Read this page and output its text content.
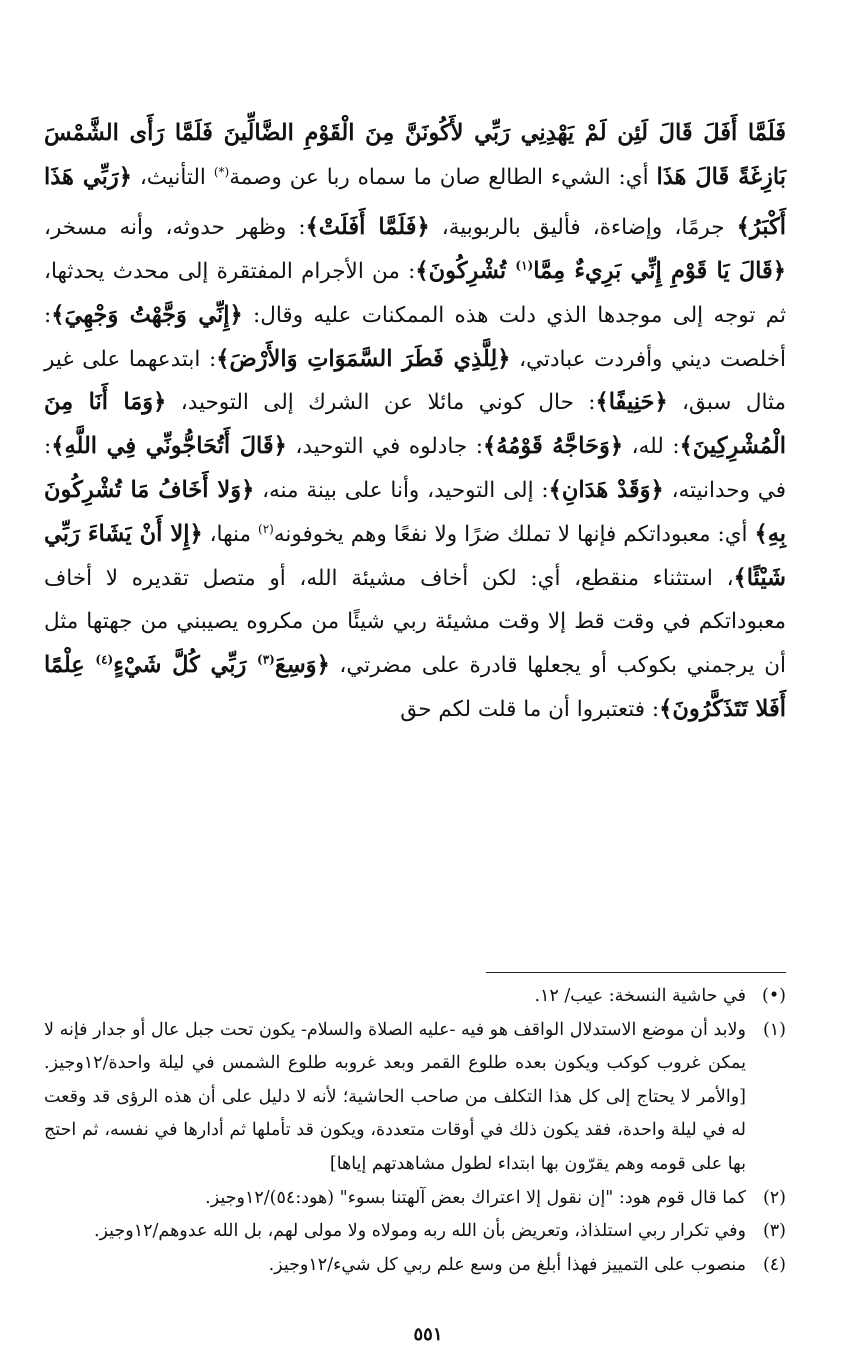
فَلَمَّا أَفَلَ قَالَ لَئِن لَمْ يَهْدِنِي رَبِّي لأَكُونَنَّ مِنَ الْقَوْمِ الضَّالِّينَ فَلَمَّا رَأَى الشَّمْسَ بَازِغَةً قَالَ هَذَا أي: الشيء الطالع صان ما سماه ربا عن وصمة(*) التأنيث، ﴿ رَبِّي هَذَا أَكْبَرُ ﴾ جرمًا، وإضاءة، فأليق بالربوبية، ﴿ فَلَمَّا أَفَلَتْ ﴾: وظهر حدوثه، وأنه مسخر، ﴿ قَالَ يَا قَوْمِ إِنِّي بَرِيءٌ مِمَّا$^{(١)}$ تُشْرِكُونَ ﴾: من الأجرام المفتقرة إلى محدث يحدثها، ثم توجه إلى موجدها الذي دلت هذه الممكنات عليه وقال: ﴿ إِنِّي وَجَّهْتُ وَجْهِيَ ﴾: أخلصت ديني وأفردت عبادتي، ﴿ لِلَّذِي فَطَرَ السَّمَوَاتِ وَالأَرْضَ ﴾: ابتدعهما على غير مثال سبق، ﴿ حَنِيفًا ﴾: حال كوني مائلا عن الشرك إلى التوحيد، ﴿ وَمَا أَنَا مِنَ الْمُشْرِكِينَ ﴾: لله، ﴿ وَحَاجَّهُ قَوْمُهُ ﴾: جادلوه في التوحيد، ﴿ قَالَ أَتُحَاجُّونِّي فِي اللَّهِ ﴾: في وحدانيته، ﴿ وَقَدْ هَدَانِ ﴾: إلى التوحيد، وأنا على بينة منه، ﴿ وَلا أَخَافُ مَا تُشْرِكُونَ بِهِ ﴾ أي: معبوداتكم فإنها لا تملك ضرًا ولا نفعًا وهم يخوفونه$^{(٢)}$ منها، ﴿ إِلا أَنْ يَشَاءَ رَبِّي شَيْئًا ﴾، استثناء منقطع، أي: لكن أخاف مشيئة الله، أو متصل تقديره لا أخاف معبوداتكم في وقت قط إلا وقت مشيئة ربي شيئًا من مكروه يصيبني من جهتها مثل أن يرجمني بكوكب أو يجعلها قادرة على مضرتي، ﴿ وَسِعَ$^{(٣)}$ رَبِّي كُلَّ شَيْءٍ$^{(٤)}$ عِلْمًا أَفَلا تَتَذَكَّرُونَ ﴾: فتعتبروا أن ما قلت لكم حق

(•)
في حاشية النسخة: عيب/ ١٢.

(١)
ولابد أن موضع الاستدلال الواقف هو فيه -عليه الصلاة والسلام- يكون تحت جبل عال أو جدار فإنه لا يمكن غروب كوكب ويكون بعده طلوع القمر وبعد غروبه طلوع الشمس في ليلة واحدة/١٢وجيز.[والأمر لا يحتاج إلى كل هذا التكلف من صاحب الحاشية؛ لأنه لا دليل على أن هذه الرؤى قد وقعت له في ليلة واحدة، فقد يكون ذلك في أوقات متعددة، ويكون قد تأملها ثم أدارها في نفسه، ثم احتج بها على قومه وهم يقرّون بها ابتداء لطول مشاهدتهم إياها]

(٢)
كما قال قوم هود: "إن نقول إلا اعتراك بعض آلهتنا بسوء" (هود:٥٤)/١٢وجيز.

(٣)
وفي تكرار ربي استلذاذ، وتعريض بأن الله ربه ومولاه ولا مولى لهم، بل الله عدوهم/١٢وجيز.

(٤)
منصوب على التمييز فهذا أبلغ من وسع علم ربي كل شيء/١٢وجيز.

٥٥١
